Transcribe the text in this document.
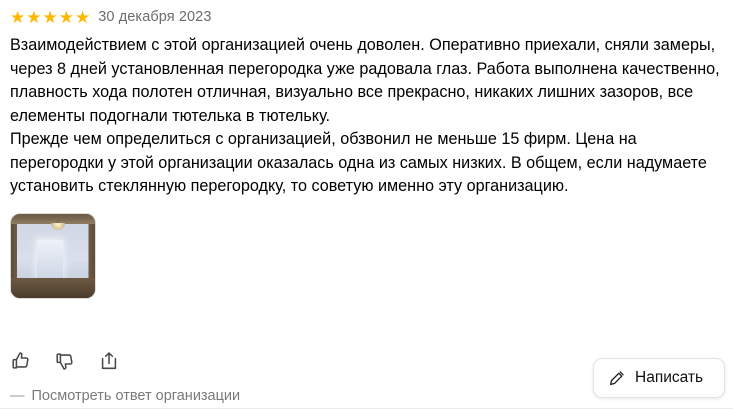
★ ★ ★ ★ ★ 30 декабря 2023

Взаимодействием с этой организацией очень доволен. Оперативно приехали, сняли замеры, через 8 дней установленная перегородка уже радовала глаз. Работа выполнена качественно, плавность хода полотен отличная, визуально все прекрасно, никаких лишних зазоров, все елементы подогнали тютелька в тютельку.

Прежде чем определиться с организацией, обзвонил не меньше 15 фирм. Цена на перегородки у этой организации оказалась одна из самых низких. В общем, если надумаете установить стеклянную перегородку, то советую именно эту организацию.

— Посмотреть ответ организации
Написать
